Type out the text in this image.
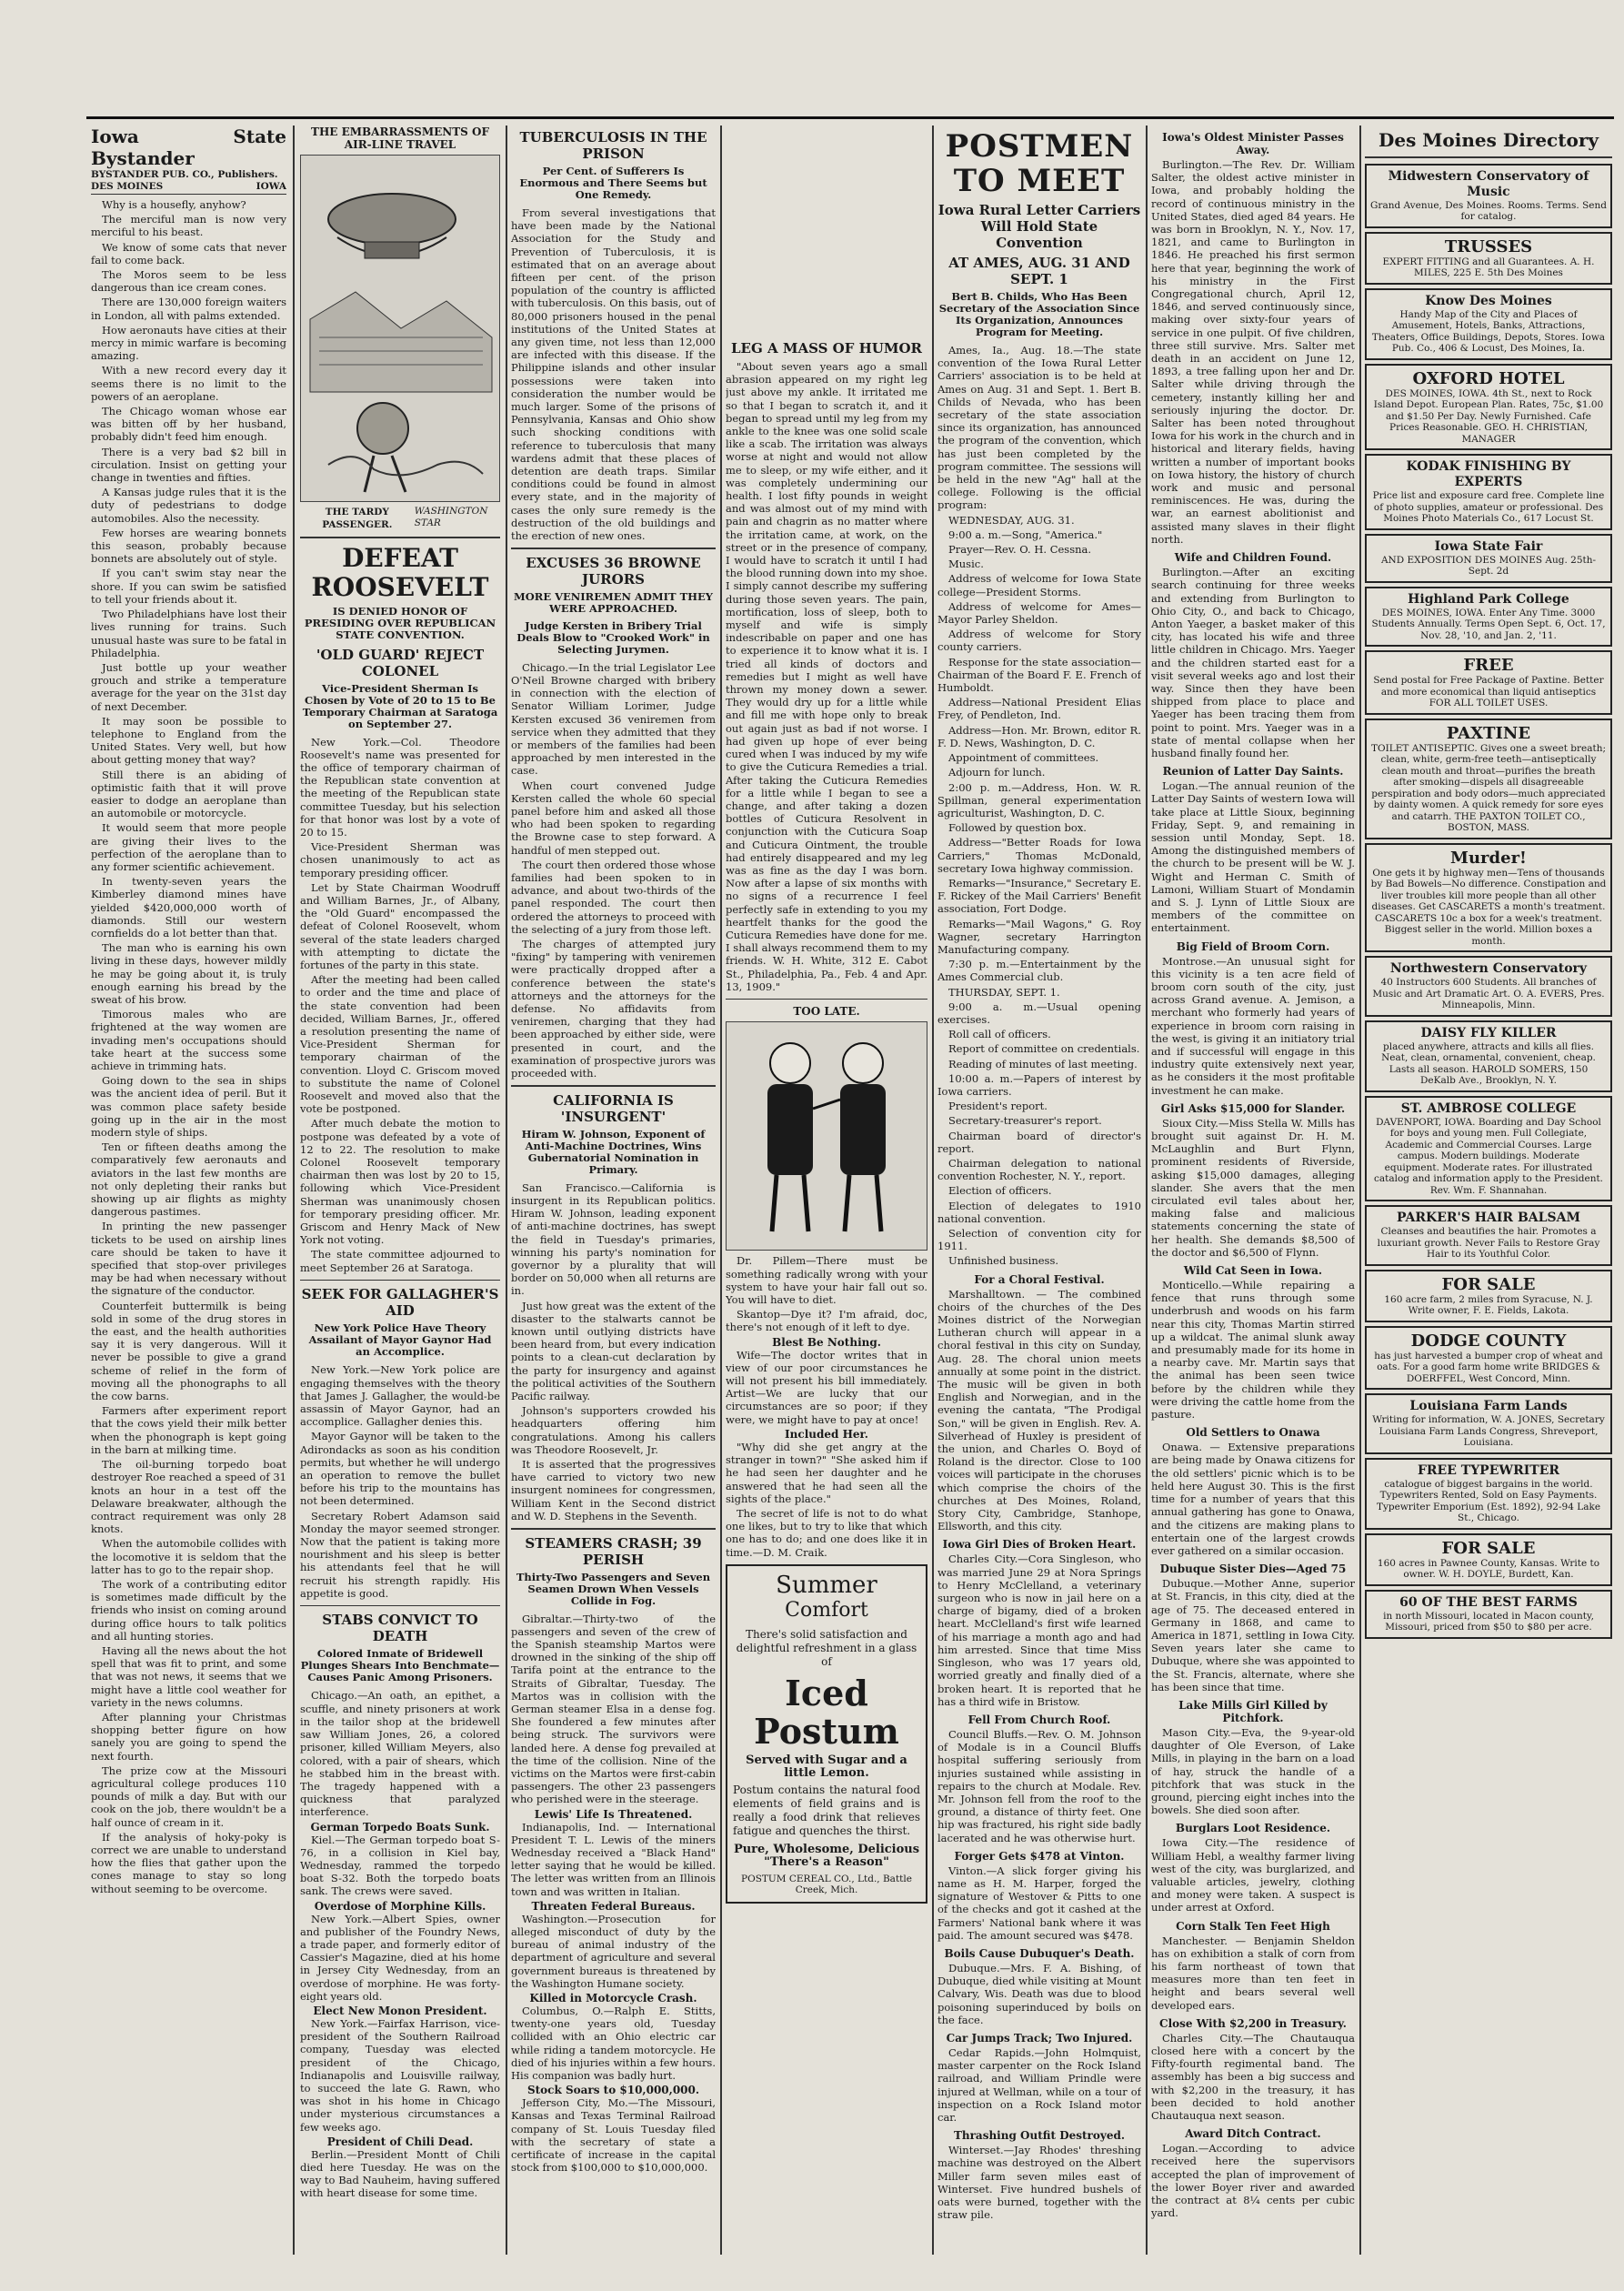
Iowa State Bystander
BYSTANDER PUB. CO., Publishers.
DES MOINES	IOWA

Why is a housefly, anyhow?

The merciful man is now very merciful to his beast.

We know of some cats that never fail to come back.

The Moros seem to be less dangerous than ice cream cones.

There are 130,000 foreign waiters in London, all with palms extended.

How aeronauts have cities at their mercy in mimic warfare is becoming amazing.

With a new record every day it seems there is no limit to the powers of an aeroplane.

The Chicago woman whose ear was bitten off by her husband, probably didn't feed him enough.

There is a very bad $2 bill in circulation. Insist on getting your change in twenties and fifties.

A Kansas judge rules that it is the duty of pedestrians to dodge automobiles. Also the necessity.

Few horses are wearing bonnets this season, probably because bonnets are absolutely out of style.

If you can't swim stay near the shore. If you can swim be satisfied to tell your friends about it.

Two Philadelphians have lost their lives running for trains. Such unusual haste was sure to be fatal in Philadelphia.

Just bottle up your weather grouch and strike a temperature average for the year on the 31st day of next December.

It may soon be possible to telephone to England from the United States. Very well, but how about getting money that way?

Still there is an abiding of optimistic faith that it will prove easier to dodge an aeroplane than an automobile or motorcycle.

It would seem that more people are giving their lives to the perfection of the aeroplane than to any former scientific achievement.

In twenty-seven years the Kimberley diamond mines have yielded $420,000,000 worth of diamonds. Still our western cornfields do a lot better than that.

The man who is earning his own living in these days, however mildly he may be going about it, is truly enough earning his bread by the sweat of his brow.

Timorous males who are frightened at the way women are invading men's occupations should take heart at the success some achieve in trimming hats.

Going down to the sea in ships was the ancient idea of peril. But it was common place safety beside going up in the air in the most modern style of ships.

Ten or fifteen deaths among the comparatively few aeronauts and aviators in the last few months are not only depleting their ranks but showing up air flights as mighty dangerous pastimes.

In printing the new passenger tickets to be used on airship lines care should be taken to have it specified that stop-over privileges may be had when necessary without the signature of the conductor.

Counterfeit buttermilk is being sold in some of the drug stores in the east, and the health authorities say it is very dangerous. Will it never be possible to give a grand scheme of relief in the form of moving all the phonographs to all the cow barns.

Farmers after experiment report that the cows yield their milk better when the phonograph is kept going in the barn at milking time.

The oil-burning torpedo boat destroyer Roe reached a speed of 31 knots an hour in a test off the Delaware breakwater, although the contract requirement was only 28 knots.

When the automobile collides with the locomotive it is seldom that the latter has to go to the repair shop.

The work of a contributing editor is sometimes made difficult by the friends who insist on coming around during office hours to talk politics and all hunting stories.

Having all the news about the hot spell that was fit to print, and some that was not news, it seems that we might have a little cool weather for variety in the news columns.

After planning your Christmas shopping better figure on how sanely you are going to spend the next fourth.

The prize cow at the Missouri agricultural college produces 110 pounds of milk a day. But with our cook on the job, there wouldn't be a half ounce of cream in it.

If the analysis of hoky-poky is correct we are unable to understand how the flies that gather upon the cones manage to stay so long without seeming to be overcome.

THE EMBARRASSMENTS OF AIR-LINE TRAVEL
THE TARDY PASSENGER.
WASHINGTON STAR
DEFEAT ROOSEVELT
IS DENIED HONOR OF PRESIDING OVER REPUBLICAN STATE CONVENTION.
'OLD GUARD' REJECT COLONEL
Vice-President Sherman Is Chosen by Vote of 20 to 15 to Be Temporary Chairman at Saratoga on September 27.

New York.—Col. Theodore Roosevelt's name was presented for the office of temporary chairman of the Republican state convention at the meeting of the Republican state committee Tuesday, but his selection for that honor was lost by a vote of 20 to 15.

Vice-President Sherman was chosen unanimously to act as temporary presiding officer.

Let by State Chairman Woodruff and William Barnes, Jr., of Albany, the "Old Guard" encompassed the defeat of Colonel Roosevelt, whom several of the state leaders charged with attempting to dictate the fortunes of the party in this state.

After the meeting had been called to order and the time and place of the state convention had been decided, William Barnes, Jr., offered a resolution presenting the name of Vice-President Sherman for temporary chairman of the convention. Lloyd C. Griscom moved to substitute the name of Colonel Roosevelt and moved also that the vote be postponed.

After much debate the motion to postpone was defeated by a vote of 12 to 22. The resolution to make Colonel Roosevelt temporary chairman then was lost by 20 to 15, following which Vice-President Sherman was unanimously chosen for temporary presiding officer. Mr. Griscom and Henry Mack of New York not voting.

The state committee adjourned to meet September 26 at Saratoga.

SEEK FOR GALLAGHER'S AID
New York Police Have Theory Assailant of Mayor Gaynor Had an Accomplice.

New York.—New York police are engaging themselves with the theory that James J. Gallagher, the would-be assassin of Mayor Gaynor, had an accomplice. Gallagher denies this.

Mayor Gaynor will be taken to the Adirondacks as soon as his condition permits, but whether he will undergo an operation to remove the bullet before his trip to the mountains has not been determined.

Secretary Robert Adamson said Monday the mayor seemed stronger. Now that the patient is taking more nourishment and his sleep is better his attendants feel that he will recruit his strength rapidly. His appetite is good.

STABS CONVICT TO DEATH
Colored Inmate of Bridewell Plunges Shears Into Benchmate—Causes Panic Among Prisoners.

Chicago.—An oath, an epithet, a scuffle, and ninety prisoners at work in the tailor shop at the bridewell saw William Jones, 26, a colored prisoner, killed William Meyers, also colored, with a pair of shears, which he stabbed him in the breast with. The tragedy happened with a quickness that paralyzed interference.

German Torpedo Boats Sunk.

Kiel.—The German torpedo boat S-76, in a collision in Kiel bay, Wednesday, rammed the torpedo boat S-32. Both the torpedo boats sank. The crews were saved.

Overdose of Morphine Kills.

New York.—Albert Spies, owner and publisher of the Foundry News, a trade paper, and formerly editor of Cassier's Magazine, died at his home in Jersey City Wednesday, from an overdose of morphine. He was forty-eight years old.

Elect New Monon President.

New York.—Fairfax Harrison, vice-president of the Southern Railroad company, Tuesday was elected president of the Chicago, Indianapolis and Louisville railway, to succeed the late G. Rawn, who was shot in his home in Chicago under mysterious circumstances a few weeks ago.

President of Chili Dead.

Berlin.—President Montt of Chili died here Tuesday. He was on the way to Bad Nauheim, having suffered with heart disease for some time.

TUBERCULOSIS IN THE PRISON
Per Cent. of Sufferers Is Enormous and There Seems but One Remedy.

From several investigations that have been made by the National Association for the Study and Prevention of Tuberculosis, it is estimated that on an average about fifteen per cent. of the prison population of the country is afflicted with tuberculosis. On this basis, out of 80,000 prisoners housed in the penal institutions of the United States at any given time, not less than 12,000 are infected with this disease. If the Philippine islands and other insular possessions were taken into consideration the number would be much larger. Some of the prisons of Pennsylvania, Kansas and Ohio show such shocking conditions with reference to tuberculosis that many wardens admit that these places of detention are death traps. Similar conditions could be found in almost every state, and in the majority of cases the only sure remedy is the destruction of the old buildings and the erection of new ones.

EXCUSES 36 BROWNE JURORS
MORE VENIREMEN ADMIT THEY WERE APPROACHED.
Judge Kersten in Bribery Trial Deals Blow to "Crooked Work" in Selecting Jurymen.

Chicago.—In the trial Legislator Lee O'Neil Browne charged with bribery in connection with the election of Senator William Lorimer, Judge Kersten excused 36 veniremen from service when they admitted that they or members of the families had been approached by men interested in the case.

When court convened Judge Kersten called the whole 60 special panel before him and asked all those who had been spoken to regarding the Browne case to step forward. A handful of men stepped out.

The court then ordered those whose families had been spoken to in advance, and about two-thirds of the panel responded. The court then ordered the attorneys to proceed with the selecting of a jury from those left.

The charges of attempted jury "fixing" by tampering with veniremen were practically dropped after a conference between the state's attorneys and the attorneys for the defense. No affidavits from veniremen, charging that they had been approached by either side, were presented in court, and the examination of prospective jurors was proceeded with.

CALIFORNIA IS 'INSURGENT'
Hiram W. Johnson, Exponent of Anti-Machine Doctrines, Wins Gubernatorial Nomination in Primary.

San Francisco.—California is insurgent in its Republican politics. Hiram W. Johnson, leading exponent of anti-machine doctrines, has swept the field in Tuesday's primaries, winning his party's nomination for governor by a plurality that will border on 50,000 when all returns are in.

Just how great was the extent of the disaster to the stalwarts cannot be known until outlying districts have been heard from, but every indication points to a clean-cut declaration by the party for insurgency and against the political activities of the Southern Pacific railway.

Johnson's supporters crowded his headquarters offering him congratulations. Among his callers was Theodore Roosevelt, Jr.

It is asserted that the progressives have carried to victory two new insurgent nominees for congressmen, William Kent in the Second district and W. D. Stephens in the Seventh.

STEAMERS CRASH; 39 PERISH
Thirty-Two Passengers and Seven Seamen Drown When Vessels Collide in Fog.

Gibraltar.—Thirty-two of the passengers and seven of the crew of the Spanish steamship Martos were drowned in the sinking of the ship off Tarifa point at the entrance to the Straits of Gibraltar, Tuesday. The Martos was in collision with the German steamer Elsa in a dense fog. She foundered a few minutes after being struck. The survivors were landed here. A dense fog prevailed at the time of the collision. Nine of the victims on the Martos were first-cabin passengers. The other 23 passengers who perished were in the steerage.

Lewis' Life Is Threatened.

Indianapolis, Ind. — International President T. L. Lewis of the miners Wednesday received a "Black Hand" letter saying that he would be killed. The letter was written from an Illinois town and was written in Italian.

Threaten Federal Bureaus.

Washington.—Prosecution for alleged misconduct of duty by the bureau of animal industry of the department of agriculture and several government bureaus is threatened by the Washington Humane society.

Killed in Motorcycle Crash.

Columbus, O.—Ralph E. Stitts, twenty-one years old, Tuesday collided with an Ohio electric car while riding a tandem motorcycle. He died of his injuries within a few hours. His companion was badly hurt.

Stock Soars to $10,000,000.

Jefferson City, Mo.—The Missouri, Kansas and Texas Terminal Railroad company of St. Louis Tuesday filed with the secretary of state a certificate of increase in the capital stock from $100,000 to $10,000,000.

LEG A MASS OF HUMOR

"About seven years ago a small abrasion appeared on my right leg just above my ankle. It irritated me so that I began to scratch it, and it began to spread until my leg from my ankle to the knee was one solid scale like a scab. The irritation was always worse at night and would not allow me to sleep, or my wife either, and it was completely undermining our health. I lost fifty pounds in weight and was almost out of my mind with pain and chagrin as no matter where the irritation came, at work, on the street or in the presence of company, I would have to scratch it until I had the blood running down into my shoe. I simply cannot describe my suffering during those seven years. The pain, mortification, loss of sleep, both to myself and wife is simply indescribable on paper and one has to experience it to know what it is. I tried all kinds of doctors and remedies but I might as well have thrown my money down a sewer. They would dry up for a little while and fill me with hope only to break out again just as bad if not worse. I had given up hope of ever being cured when I was induced by my wife to give the Cuticura Remedies a trial. After taking the Cuticura Remedies for a little while I began to see a change, and after taking a dozen bottles of Cuticura Resolvent in conjunction with the Cuticura Soap and Cuticura Ointment, the trouble had entirely disappeared and my leg was as fine as the day I was born. Now after a lapse of six months with no signs of a recurrence I feel perfectly safe in extending to you my heartfelt thanks for the good the Cuticura Remedies have done for me. I shall always recommend them to my friends. W. H. White, 312 E. Cabot St., Philadelphia, Pa., Feb. 4 and Apr. 13, 1909."

TOO LATE.

Dr. Pillem—There must be something radically wrong with your system to have your hair fall out so. You will have to diet.

Skantop—Dye it? I'm afraid, doc, there's not enough of it left to dye.

Blest Be Nothing.

Wife—The doctor writes that in view of our poor circumstances he will not present his bill immediately. Artist—We are lucky that our circumstances are so poor; if they were, we might have to pay at once!

Included Her.

"Why did she get angry at the stranger in town?" "She asked him if he had seen her daughter and he answered that he had seen all the sights of the place."

The secret of life is not to do what one likes, but to try to like that which one has to do; and one does like it in time.—D. M. Craik.

Summer
Comfort
There's solid satisfaction and delightful refreshment in a glass of
Iced
Postum
Served with Sugar and a little Lemon.
Postum contains the natural food elements of field grains and is really a food drink that relieves fatigue and quenches the thirst.
Pure, Wholesome, Delicious
"There's a Reason"
POSTUM CEREAL CO., Ltd., Battle Creek, Mich.
POSTMEN TO MEET
Iowa Rural Letter Carriers Will Hold State Convention
AT AMES, AUG. 31 AND SEPT. 1
Bert B. Childs, Who Has Been Secretary of the Association Since Its Organization, Announces Program for Meeting.

Ames, Ia., Aug. 18.—The state convention of the Iowa Rural Letter Carriers' association is to be held at Ames on Aug. 31 and Sept. 1. Bert B. Childs of Nevada, who has been secretary of the state association since its organization, has announced the program of the convention, which has just been completed by the program committee. The sessions will be held in the new "Ag" hall at the college. Following is the official program:

WEDNESDAY, AUG. 31.

9:00 a. m.—Song, "America."

Prayer—Rev. O. H. Cessna.

Music.

Address of welcome for Iowa State college—President Storms.

Address of welcome for Ames—Mayor Parley Sheldon.

Address of welcome for Story county carriers.

Response for the state association—Chairman of the Board F. E. French of Humboldt.

Address—National President Elias Frey, of Pendleton, Ind.

Address—Hon. Mr. Brown, editor R. F. D. News, Washington, D. C.

Appointment of committees.

Adjourn for lunch.

2:00 p. m.—Address, Hon. W. R. Spillman, general experimentation agriculturist, Washington, D. C.

Followed by question box.

Address—"Better Roads for Iowa Carriers," Thomas McDonald, secretary Iowa highway commission.

Remarks—"Insurance," Secretary E. F. Rickey of the Mail Carriers' Benefit association, Fort Dodge.

Remarks—"Mail Wagons," G. Roy Wagner, secretary Harrington Manufacturing company.

7:30 p. m.—Entertainment by the Ames Commercial club.

THURSDAY, SEPT. 1.

9:00 a. m.—Usual opening exercises.

Roll call of officers.

Report of committee on credentials.

Reading of minutes of last meeting.

10:00 a. m.—Papers of interest by Iowa carriers.

President's report.

Secretary-treasurer's report.

Chairman board of director's report.

Chairman delegation to national convention Rochester, N. Y., report.

Election of officers.

Election of delegates to 1910 national convention.

Selection of convention city for 1911.

Unfinished business.

For a Choral Festival.

Marshalltown. — The combined choirs of the churches of the Des Moines district of the Norwegian Lutheran church will appear in a choral festival in this city on Sunday, Aug. 28. The choral union meets annually at some point in the district. The music will be given in both English and Norwegian, and in the evening the cantata, "The Prodigal Son," will be given in English. Rev. A. Silverhead of Huxley is president of the union, and Charles O. Boyd of Roland is the director. Close to 100 voices will participate in the choruses which comprise the choirs of the churches at Des Moines, Roland, Story City, Cambridge, Stanhope, Ellsworth, and this city.

Iowa Girl Dies of Broken Heart.

Charles City.—Cora Singleson, who was married June 29 at Nora Springs to Henry McClelland, a veterinary surgeon who is now in jail here on a charge of bigamy, died of a broken heart. McClelland's first wife learned of his marriage a month ago and had him arrested. Since that time Miss Singleson, who was 17 years old, worried greatly and finally died of a broken heart. It is reported that he has a third wife in Bristow.

Fell From Church Roof.

Council Bluffs.—Rev. O. M. Johnson of Modale is in a Council Bluffs hospital suffering seriously from injuries sustained while assisting in repairs to the church at Modale. Rev. Mr. Johnson fell from the roof to the ground, a distance of thirty feet. One hip was fractured, his right side badly lacerated and he was otherwise hurt.

Forger Gets $478 at Vinton.

Vinton.—A slick forger giving his name as H. M. Harper, forged the signature of Westover & Pitts to one of the checks and got it cashed at the Farmers' National bank where it was paid. The amount secured was $478.

Boils Cause Dubuquer's Death.

Dubuque.—Mrs. F. A. Bishing, of Dubuque, died while visiting at Mount Calvary, Wis. Death was due to blood poisoning superinduced by boils on the face.

Car Jumps Track; Two Injured.

Cedar Rapids.—John Holmquist, master carpenter on the Rock Island railroad, and William Prindle were injured at Wellman, while on a tour of inspection on a Rock Island motor car.

Thrashing Outfit Destroyed.

Winterset.—Jay Rhodes' threshing machine was destroyed on the Albert Miller farm seven miles east of Winterset. Five hundred bushels of oats were burned, together with the straw pile.

Iowa's Oldest Minister Passes Away.

Burlington.—The Rev. Dr. William Salter, the oldest active minister in Iowa, and probably holding the record of continuous ministry in the United States, died aged 84 years. He was born in Brooklyn, N. Y., Nov. 17, 1821, and came to Burlington in 1846. He preached his first sermon here that year, beginning the work of his ministry in the First Congregational church, April 12, 1846, and served continuously since, making over sixty-four years of service in one pulpit. Of five children, three still survive. Mrs. Salter met death in an accident on June 12, 1893, a tree falling upon her and Dr. Salter while driving through the cemetery, instantly killing her and seriously injuring the doctor. Dr. Salter has been noted throughout Iowa for his work in the church and in historical and literary fields, having written a number of important books on Iowa history, the history of church work and music and personal reminiscences. He was, during the war, an earnest abolitionist and assisted many slaves in their flight north.

Wife and Children Found.

Burlington.—After an exciting search continuing for three weeks and extending from Burlington to Ohio City, O., and back to Chicago, Anton Yaeger, a basket maker of this city, has located his wife and three little children in Chicago. Mrs. Yaeger and the children started east for a visit several weeks ago and lost their way. Since then they have been shipped from place to place and Yaeger has been tracing them from point to point. Mrs. Yaeger was in a state of mental collapse when her husband finally found her.

Reunion of Latter Day Saints.

Logan.—The annual reunion of the Latter Day Saints of western Iowa will take place at Little Sioux, beginning Friday, Sept. 9, and remaining in session until Monday, Sept. 18. Among the distinguished members of the church to be present will be W. J. Wight and Herman C. Smith of Lamoni, William Stuart of Mondamin and S. J. Lynn of Little Sioux are members of the committee on entertainment.

Big Field of Broom Corn.

Montrose.—An unusual sight for this vicinity is a ten acre field of broom corn south of the city, just across Grand avenue. A. Jemison, a merchant who formerly had years of experience in broom corn raising in the west, is giving it an initiatory trial and if successful will engage in this industry quite extensively next year, as he considers it the most profitable investment he can make.

Girl Asks $15,000 for Slander.

Sioux City.—Miss Stella W. Mills has brought suit against Dr. H. M. McLaughlin and Burt Flynn, prominent residents of Riverside, asking $15,000 damages, alleging slander. She avers that the men circulated evil tales about her, making false and malicious statements concerning the state of her health. She demands $8,500 of the doctor and $6,500 of Flynn.

Wild Cat Seen in Iowa.

Monticello.—While repairing a fence that runs through some underbrush and woods on his farm near this city, Thomas Martin stirred up a wildcat. The animal slunk away and presumably made for its home in a nearby cave. Mr. Martin says that the animal has been seen twice before by the children while they were driving the cattle home from the pasture.

Old Settlers to Onawa

Onawa. — Extensive preparations are being made by Onawa citizens for the old settlers' picnic which is to be held here August 30. This is the first time for a number of years that this annual gathering has gone to Onawa, and the citizens are making plans to entertain one of the largest crowds ever gathered on a similar occasion.

Dubuque Sister Dies—Aged 75

Dubuque.—Mother Anne, superior at St. Francis, in this city, died at the age of 75. The deceased entered in Germany in 1868, and came to America in 1871, settling in Iowa City. Seven years later she came to Dubuque, where she was appointed to the St. Francis, alternate, where she has been since that time.

Lake Mills Girl Killed by Pitchfork.

Mason City.—Eva, the 9-year-old daughter of Ole Everson, of Lake Mills, in playing in the barn on a load of hay, struck the handle of a pitchfork that was stuck in the ground, piercing eight inches into the bowels. She died soon after.

Burglars Loot Residence.

Iowa City.—The residence of William Hebl, a wealthy farmer living west of the city, was burglarized, and valuable articles, jewelry, clothing and money were taken. A suspect is under arrest at Oxford.

Corn Stalk Ten Feet High

Manchester. — Benjamin Sheldon has on exhibition a stalk of corn from his farm northeast of town that measures more than ten feet in height and bears several well developed ears.

Close With $2,200 in Treasury.

Charles City.—The Chautauqua closed here with a concert by the Fifty-fourth regimental band. The assembly has been a big success and with $2,200 in the treasury, it has been decided to hold another Chautauqua next season.

Award Ditch Contract.

Logan.—According to advice received here the supervisors accepted the plan of improvement of the lower Boyer river and awarded the contract at 8¼ cents per cubic yard.

Des Moines Directory
Midwestern Conservatory of Music
Grand Avenue, Des Moines. Rooms. Terms. Send for catalog.
TRUSSES
EXPERT FITTING and all Guarantees. A. H. MILES, 225 E. 5th Des Moines
Know Des Moines
Handy Map of the City and Places of Amusement, Hotels, Banks, Attractions, Theaters, Office Buildings, Depots, Stores. Iowa Pub. Co., 406 & Locust, Des Moines, Ia.
OXFORD HOTEL
DES MOINES, IOWA. 4th St., next to Rock Island Depot. European Plan. Rates, 75c, $1.00 and $1.50 Per Day. Newly Furnished. Cafe Prices Reasonable. GEO. H. CHRISTIAN, MANAGER
KODAK FINISHING BY EXPERTS
Price list and exposure card free. Complete line of photo supplies, amateur or professional. Des Moines Photo Materials Co., 617 Locust St.
Iowa State Fair
AND EXPOSITION DES MOINES Aug. 25th-Sept. 2d
Highland Park College
DES MOINES, IOWA. Enter Any Time. 3000 Students Annually. Terms Open Sept. 6, Oct. 17, Nov. 28, '10, and Jan. 2, '11.
FREE
Send postal for Free Package of Paxtine. Better and more economical than liquid antiseptics FOR ALL TOILET USES.
PAXTINE
TOILET ANTISEPTIC. Gives one a sweet breath; clean, white, germ-free teeth—antiseptically clean mouth and throat—purifies the breath after smoking—dispels all disagreeable perspiration and body odors—much appreciated by dainty women. A quick remedy for sore eyes and catarrh. THE PAXTON TOILET CO., BOSTON, MASS.
Murder!
One gets it by highway men—Tens of thousands by Bad Bowels—No difference. Constipation and liver troubles kill more people than all other diseases. Get CASCARETS a month's treatment. CASCARETS 10c a box for a week's treatment. Biggest seller in the world. Million boxes a month.
Northwestern Conservatory
40 Instructors 600 Students. All branches of Music and Art Dramatic Art. O. A. EVERS, Pres. Minneapolis, Minn.
DAISY FLY KILLER
placed anywhere, attracts and kills all flies. Neat, clean, ornamental, convenient, cheap. Lasts all season. HAROLD SOMERS, 150 DeKalb Ave., Brooklyn, N. Y.
ST. AMBROSE COLLEGE
DAVENPORT, IOWA. Boarding and Day School for boys and young men. Full Collegiate, Academic and Commercial Courses. Large campus. Modern buildings. Moderate equipment. Moderate rates. For illustrated catalog and information apply to the President. Rev. Wm. F. Shannahan.
PARKER'S HAIR BALSAM
Cleanses and beautifies the hair. Promotes a luxuriant growth. Never Fails to Restore Gray Hair to its Youthful Color.
FOR SALE
160 acre farm, 2 miles from Syracuse, N. J. Write owner, F. E. Fields, Lakota.
DODGE COUNTY
has just harvested a bumper crop of wheat and oats. For a good farm home write BRIDGES & DOERFFEL, West Concord, Minn.
Louisiana Farm Lands
Writing for information, W. A. JONES, Secretary Louisiana Farm Lands Congress, Shreveport, Louisiana.
FREE TYPEWRITER
catalogue of biggest bargains in the world. Typewriters Rented, Sold on Easy Payments. Typewriter Emporium (Est. 1892), 92-94 Lake St., Chicago.
FOR SALE
160 acres in Pawnee County, Kansas. Write to owner. W. H. DOYLE, Burdett, Kan.
60 OF THE BEST FARMS
in north Missouri, located in Macon county, Missouri, priced from $50 to $80 per acre.
